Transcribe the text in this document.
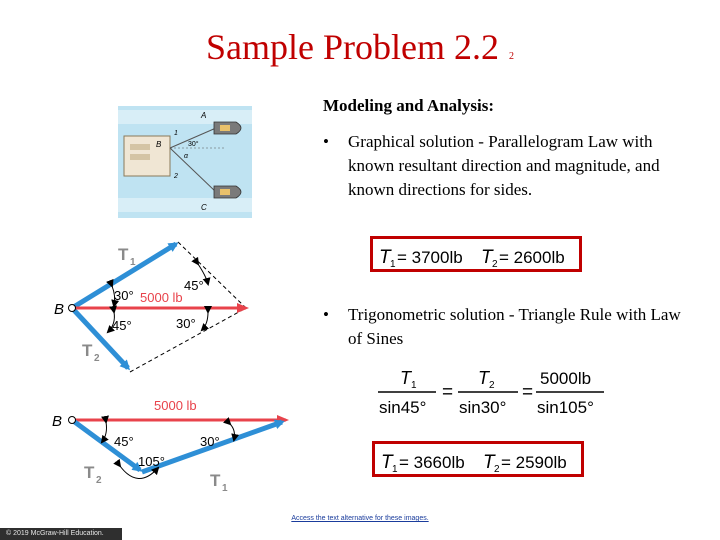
Sample Problem 2.2 2
Modeling and Analysis:
•	Graphical solution - Parallelogram Law with known resultant direction and magnitude, and known directions for sides.
•	Trigonometric solution - Triangle Rule with Law of Sines
T 1 = 3700lb T 2 = 2600lb
T 1
sin45°
=
T 2
sin30°
=
5000lb
sin105°
T 1 = 3660lb T 2 = 2590lb
B
A
C
1
2
30°
α
T 1
T 2
B
5000 lb
30°
45°
45°
30°
B
5000 lb
45°	30°
105°
T 2	T 1
Access the text alternative for these images.
© 2019 McGraw-Hill Education.
